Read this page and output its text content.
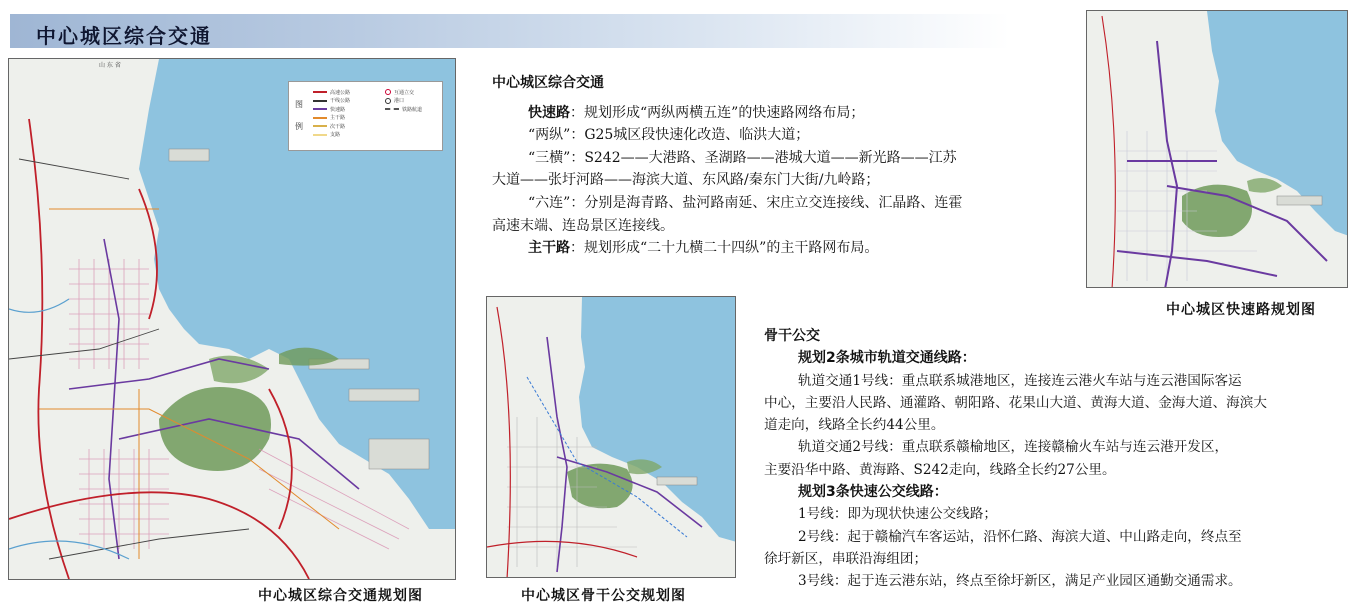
中心城区综合交通
山 东 省
图 例
高速公路
干线公路
快速路
主干路
次干路
支路
互通立交
港口
铁路航道
中心城区综合交通规划图	中心城区骨干公交规划图
中心城区快速路规划图
中心城区综合交通
快速路：规划形成“两纵两横五连”的快速路网络布局；
“两纵”：G25城区段快速化改造、临洪大道；
“三横”：S242——大港路、圣湖路——港城大道——新光路——江苏
大道——张圩河路——海滨大道、东风路/秦东门大街/九岭路；
“六连”：分别是海青路、盐河路南延、宋庄立交连接线、汇晶路、连霍
高速末端、连岛景区连接线。
主干路：规划形成“二十九横二十四纵”的主干路网布局。
骨干公交
规划2条城市轨道交通线路：
轨道交通1号线：重点联系城港地区，连接连云港火车站与连云港国际客运
中心，主要沿人民路、通灌路、朝阳路、花果山大道、黄海大道、金海大道、海滨大
道走向，线路全长约44公里。
轨道交通2号线：重点联系赣榆地区，连接赣榆火车站与连云港开发区，
主要沿华中路、黄海路、S242走向，线路全长约27公里。
规划3条快速公交线路：
1号线：即为现状快速公交线路；
2号线：起于赣榆汽车客运站，沿怀仁路、海滨大道、中山路走向，终点至
徐圩新区，串联沿海组团；
3号线：起于连云港东站，终点至徐圩新区，满足产业园区通勤交通需求。
